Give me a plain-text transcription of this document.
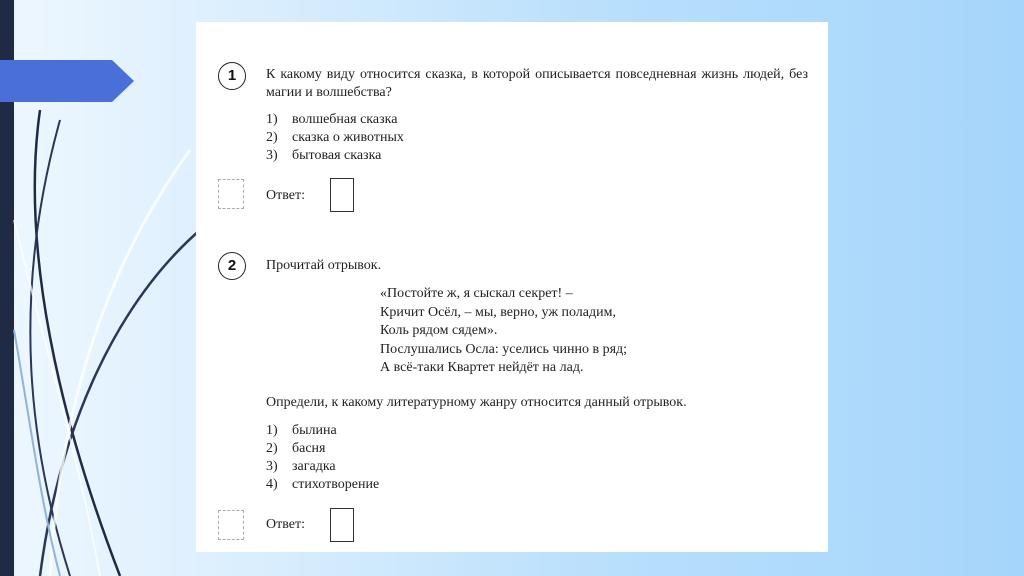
1	К какому виду относится сказка, в которой описывается повседневная жизнь людей, без магии и волшебства?
1) волшебная сказка
2) сказка о животных
3) бытовая сказка
Ответ:
2	Прочитай отрывок.
«Постойте ж, я сыскал секрет! –
Кричит Осёл, – мы, верно, уж поладим,
Коль рядом сядем».
Послушались Осла: уселись чинно в ряд;
А всё-таки Квартет нейдёт на лад.
Определи, к какому литературному жанру относится данный отрывок.
1) былина
2) басня
3) загадка
4) стихотворение
Ответ:
